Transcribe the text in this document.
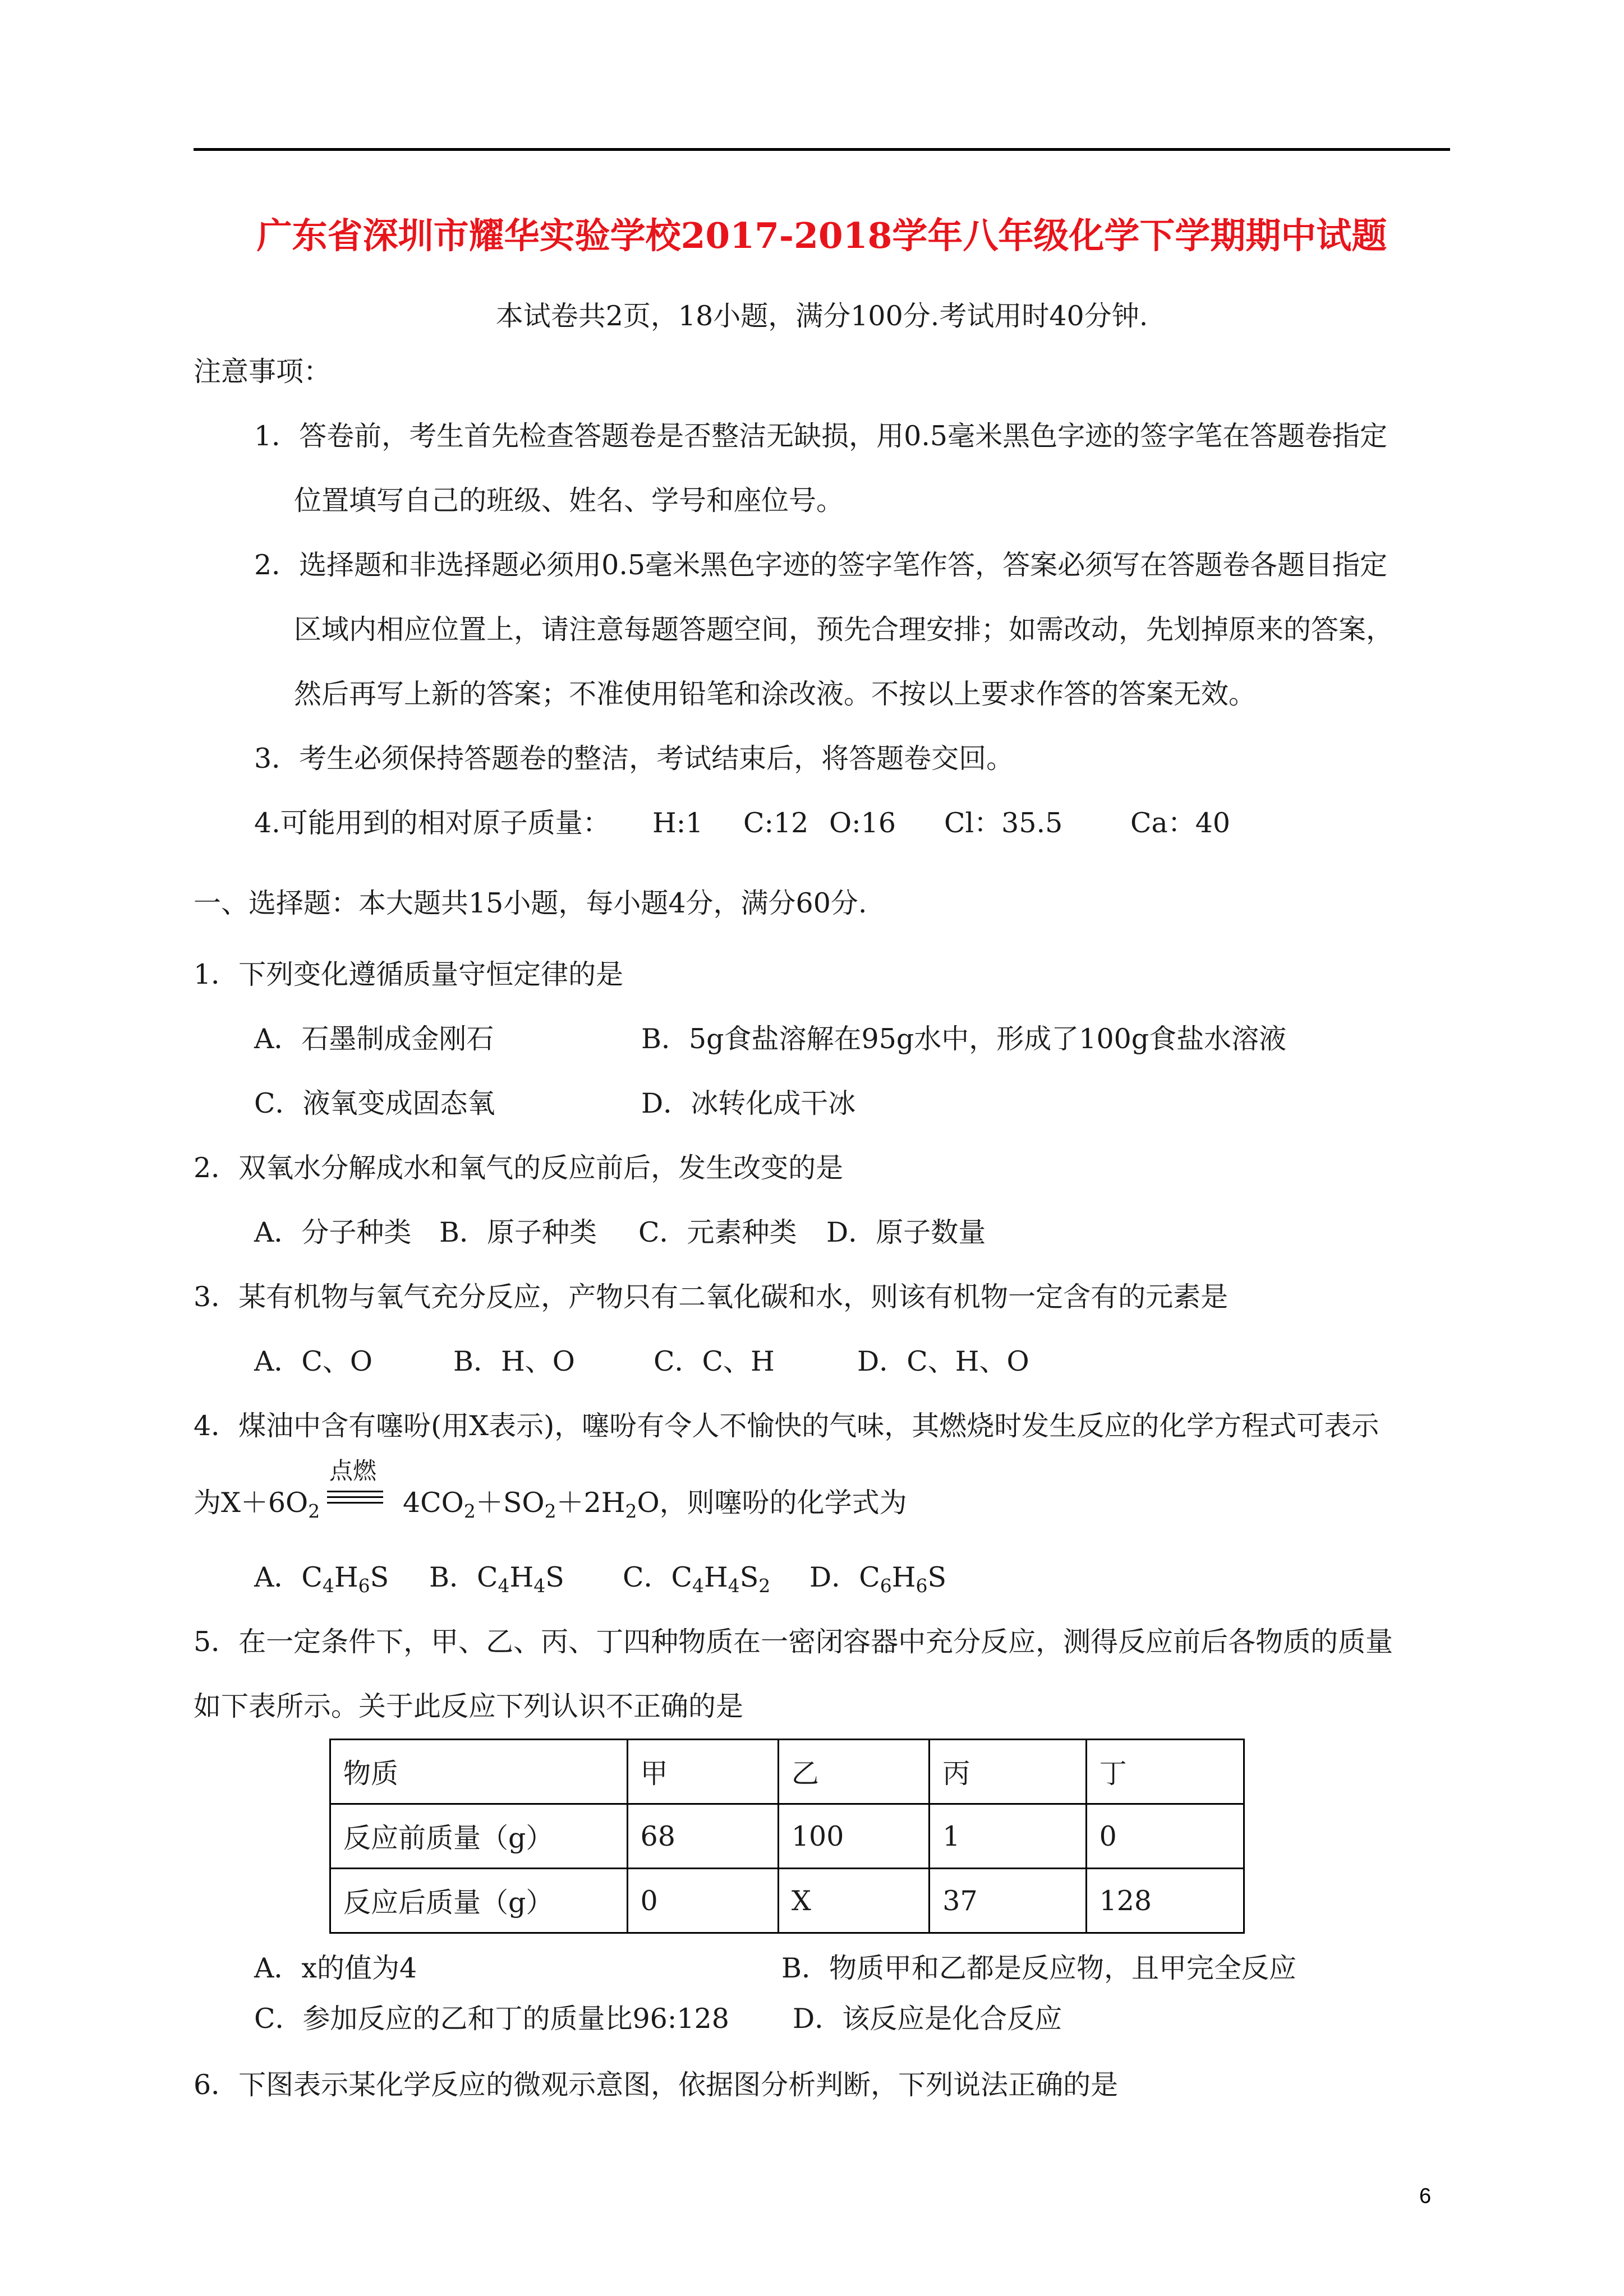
广东省深圳市耀华实验学校2017-2018学年八年级化学下学期期中试题
本试卷共2页，18小题，满分100分.考试用时40分钟.
注意事项：
1．答卷前，考生首先检查答题卷是否整洁无缺损，用0.5毫米黑色字迹的签字笔在答题卷指定
位置填写自己的班级、姓名、学号和座位号。
2．选择题和非选择题必须用0.5毫米黑色字迹的签字笔作答，答案必须写在答题卷各题目指定
区域内相应位置上，请注意每题答题空间，预先合理安排；如需改动，先划掉原来的答案，
然后再写上新的答案；不准使用铅笔和涂改液。不按以上要求作答的答案无效。
3．考生必须保持答题卷的整洁，考试结束后，将答题卷交回。
4.可能用到的相对原子质量： H:1 C:12 O:16 Cl：35.5 Ca：40
一、选择题：本大题共15小题，每小题4分，满分60分.
1．下列变化遵循质量守恒定律的是
A．石墨制成金刚石	B．5g食盐溶解在95g水中，形成了100g食盐水溶液
C．液氧变成固态氧	D．冰转化成干冰
2．双氧水分解成水和氧气的反应前后，发生改变的是
A．分子种类 B．原子种类 C．元素种类 D．原子数量
3．某有机物与氧气充分反应，产物只有二氧化碳和水，则该有机物一定含有的元素是
A．C、O	B．H、O	C．C、H	D．C、H、O
4．煤油中含有噻吩(用X表示)，噻吩有令人不愉快的气味，其燃烧时发生反应的化学方程式可表示
为$X+6O_2$
点燃
$4CO_2+SO_2+2H_2O$，则噻吩的化学式为
A．$C_4H_6S$ B．$C_4H_4S$ C．$C_4H_4S_2$ D．$C_6H_6S$
5．在一定条件下，甲、乙、丙、丁四种物质在一密闭容器中充分反应，测得反应前后各物质的质量
如下表所示。关于此反应下列认识不正确的是
物质	甲	乙	丙	丁
反应前质量（g）	68	100	1	0
反应后质量（g）	0	X	37	128
A．x的值为4	B．物质甲和乙都是反应物，且甲完全反应
C．参加反应的乙和丁的质量比96:128 D．该反应是化合反应
6．下图表示某化学反应的微观示意图，依据图分析判断，下列说法正确的是
6
